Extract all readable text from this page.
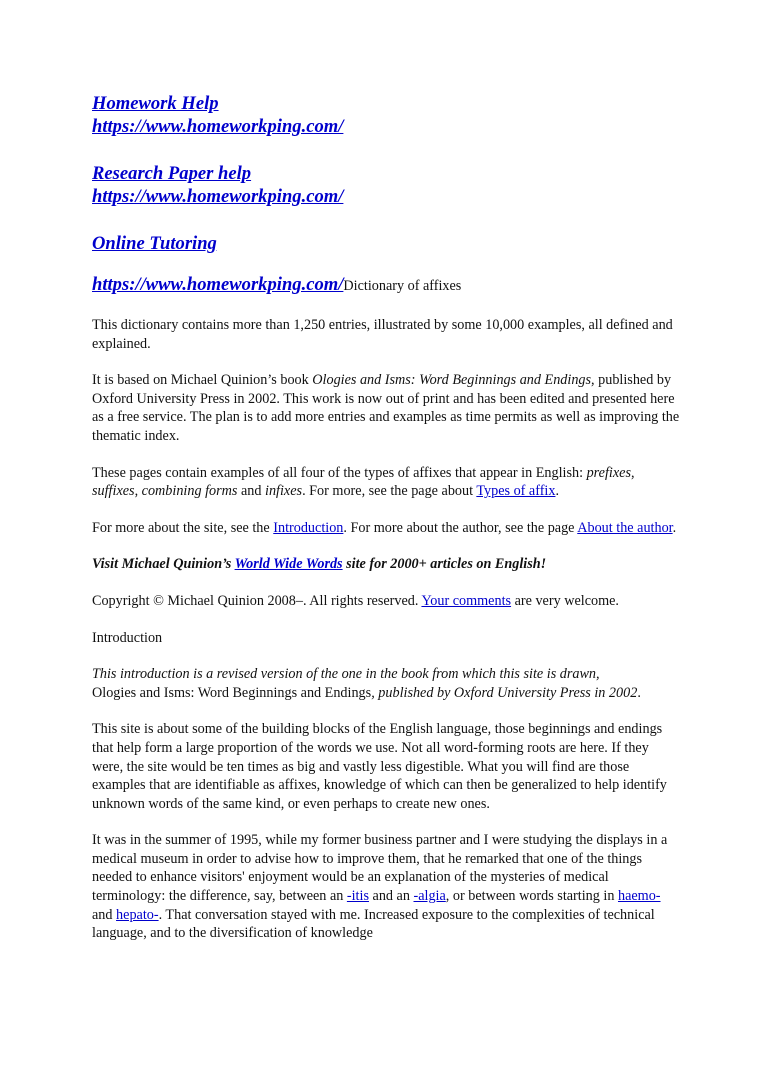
Homework Help
https://www.homeworkping.com/
Research Paper help
https://www.homeworkping.com/
Online Tutoring
https://www.homeworkping.com/Dictionary of affixes

This dictionary contains more than 1,250 entries, illustrated by some 10,000 examples, all defined and explained.

It is based on Michael Quinion’s book Ologies and Isms: Word Beginnings and Endings, published by Oxford University Press in 2002. This work is now out of print and has been edited and presented here as a free service. The plan is to add more entries and examples as time permits as well as improving the thematic index.

These pages contain examples of all four of the types of affixes that appear in English: prefixes, suffixes, combining forms and infixes. For more, see the page about Types of affix.

For more about the site, see the Introduction. For more about the author, see the page About the author.

Visit Michael Quinion’s World Wide Words site for 2000+ articles on English!

Copyright © Michael Quinion 2008–. All rights reserved. Your comments are very welcome.

Introduction

This introduction is a revised version of the one in the book from which this site is drawn,
Ologies and Isms: Word Beginnings and Endings, published by Oxford University Press in 2002.

This site is about some of the building blocks of the English language, those beginnings and endings that help form a large proportion of the words we use. Not all word-forming roots are here. If they were, the site would be ten times as big and vastly less digestible. What you will find are those examples that are identifiable as affixes, knowledge of which can then be generalized to help identify unknown words of the same kind, or even perhaps to create new ones.

It was in the summer of 1995, while my former business partner and I were studying the displays in a medical museum in order to advise how to improve them, that he remarked that one of the things needed to enhance visitors' enjoyment would be an explanation of the mysteries of medical terminology: the difference, say, between an -itis and an -algia, or between words starting in haemo- and hepato-. That conversation stayed with me. Increased exposure to the complexities of technical language, and to the diversification of knowledge
